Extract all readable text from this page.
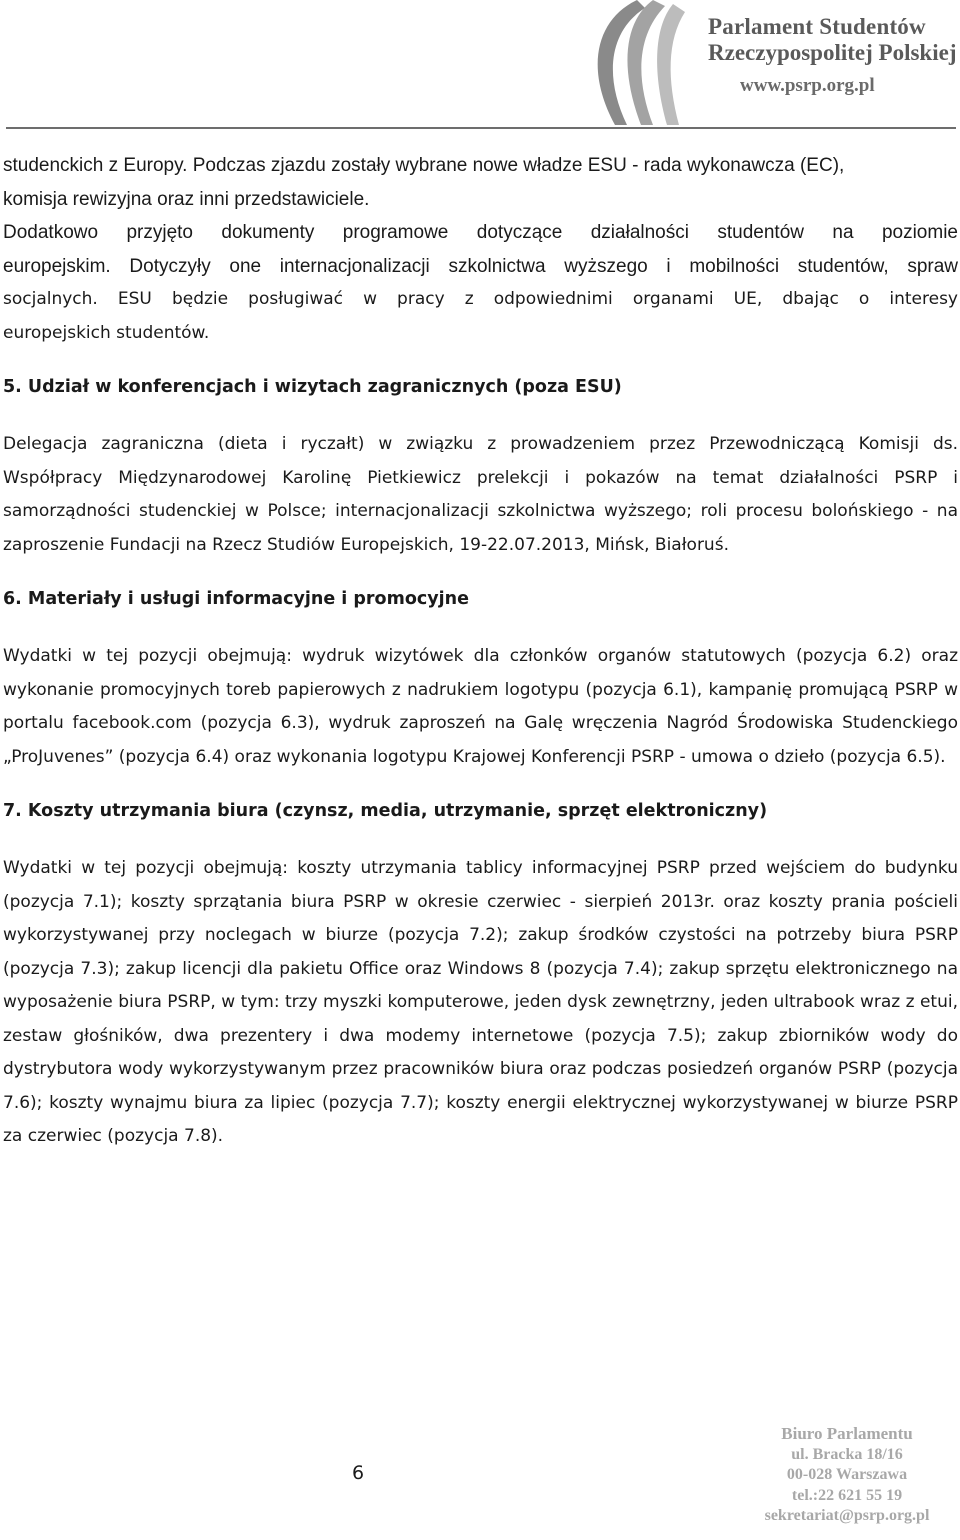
Parlament Studentów
Rzeczypospolitej Polskiej
www.psrp.org.pl

studenckich z Europy. Podczas zjazdu zostały wybrane nowe władze ESU - rada wykonawcza (EC),

komisja rewizyjna oraz inni przedstawiciele.

Dodatkowo przyjęto dokumenty programowe dotyczące działalności studentów na poziomie

europejskim. Dotyczyły one internacjonalizacji szkolnictwa wyższego i mobilności studentów, spraw

socjalnych. ESU będzie posługiwać w pracy z odpowiednimi organami UE, dbając o interesy

europejskich studentów.

5. Udział w konferencjach i wizytach zagranicznych (poza ESU)

Delegacja zagraniczna (dieta i ryczałt) w związku z prowadzeniem przez Przewodniczącą Komisji ds. Współpracy Międzynarodowej Karolinę Pietkiewicz prelekcji i pokazów na temat działalności PSRP i samorządności studenckiej w Polsce; internacjonalizacji szkolnictwa wyższego; roli procesu bolońskiego - na zaproszenie Fundacji na Rzecz Studiów Europejskich, 19-22.07.2013, Mińsk, Białoruś.

6. Materiały i usługi informacyjne i promocyjne

Wydatki w tej pozycji obejmują: wydruk wizytówek dla członków organów statutowych (pozycja 6.2) oraz wykonanie promocyjnych toreb papierowych z nadrukiem logotypu (pozycja 6.1), kampanię promującą PSRP w portalu facebook.com (pozycja 6.3), wydruk zaproszeń na Galę wręczenia Nagród Środowiska Studenckiego „ProJuvenes” (pozycja 6.4) oraz wykonania logotypu Krajowej Konferencji PSRP - umowa o dzieło (pozycja 6.5).

7. Koszty utrzymania biura (czynsz, media, utrzymanie, sprzęt elektroniczny)

Wydatki w tej pozycji obejmują: koszty utrzymania tablicy informacyjnej PSRP przed wejściem do budynku (pozycja 7.1); koszty sprzątania biura PSRP w okresie czerwiec - sierpień 2013r. oraz koszty prania pościeli wykorzystywanej przy noclegach w biurze (pozycja 7.2); zakup środków czystości na potrzeby biura PSRP (pozycja 7.3); zakup licencji dla pakietu Office oraz Windows 8 (pozycja 7.4); zakup sprzętu elektronicznego na wyposażenie biura PSRP, w tym: trzy myszki komputerowe, jeden dysk zewnętrzny, jeden ultrabook wraz z etui, zestaw głośników, dwa prezentery i dwa modemy internetowe (pozycja 7.5); zakup zbiorników wody do dystrybutora wody wykorzystywanym przez pracowników biura oraz podczas posiedzeń organów PSRP (pozycja 7.6); koszty wynajmu biura za lipiec (pozycja 7.7); koszty energii elektrycznej wykorzystywanej w biurze PSRP za czerwiec (pozycja 7.8).

6
Biuro Parlamentu
ul. Bracka 18/16
00-028 Warszawa
tel.:22 621 55 19
sekretariat@psrp.org.pl
